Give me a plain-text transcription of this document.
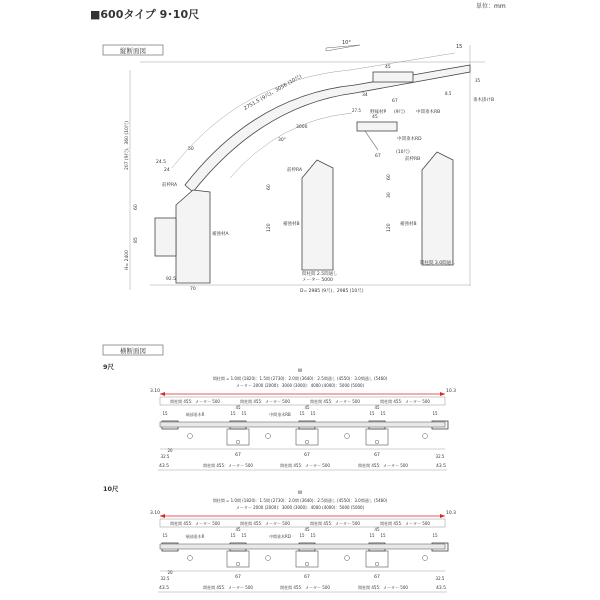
■600タイプ 9･10尺
単位：mm
縦断面図
10°
15
2751.5 (9尺)、3056 (10尺)
3000
30°
24.5
24
50
45
34
67
野縁材P
27.5	(9尺) 中間垂木RB
8.5
35
垂木掛けB
45
中間垂木RD
(10尺)
67
前枠RA
補強材A
207 (9尺)、360 (10尺)
H= 2400
60
85
92.5
70
前枠RA
補強材B
60
120
間柱間 2.5間通し
メーター 5000
前枠RB
補強材B
60
30
120
間柱間 3.0間通し
D= 2985 (9尺)、2985 (10尺)
横断面図
9尺
W
間柱間 = 1.0間 (1820)：1.5間 (2730)：2.0間 (3640)：2.5間通し (4550)：3.0間通し (5460)
メーター 2000 (2000)：3000 (3000)：4000 (4000)：5000 (5000)
3.10	10.3
間柱間 455：メーター 500	間柱間 455：メーター 500	間柱間 455：メーター 500	間柱間 455：メーター 500
15
45
15 15
67
45
15 15
67
45
15 15
67
15
端部垂木R	中間垂木RB
20
32.5	32.5
43.5	43.5
間柱間 455：メーター 500	間柱間 455：メーター 500	間柱間 455：メーター 500
10尺
W
間柱間 = 1.0間 (1820)：1.5間 (2730)：2.0間 (3640)：2.5間通し (4550)：3.0間通し (5460)
メーター 2000 (2000)：3000 (3000)：4000 (4000)：5000 (5000)
3.10	10.3
間柱間 455：メーター 500	間柱間 455：メーター 500	間柱間 455：メーター 500	間柱間 455：メーター 500
15
45
15 15
67
45
15 15
67
45
15 15
67
15
端部垂木R	中間垂木RD
20
32.5	32.5
43.5	43.5
間柱間 455：メーター 500	間柱間 455：メーター 500	間柱間 455：メーター 500
